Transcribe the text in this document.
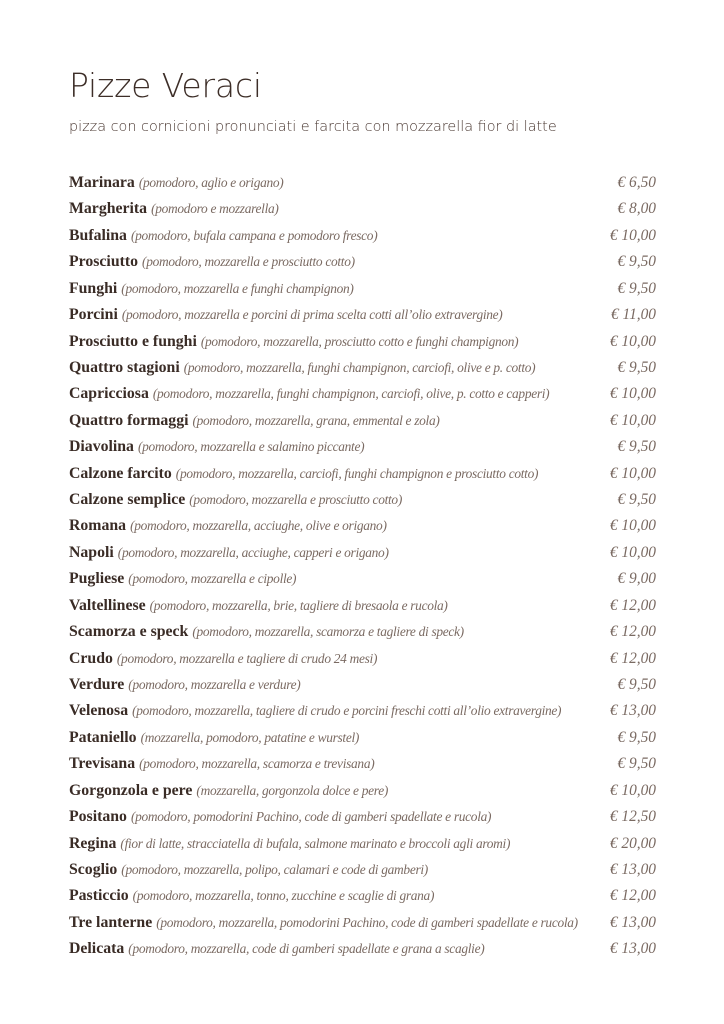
Pizze Veraci

pizza con cornicioni pronunciati e farcita con mozzarella fior di latte

Marinara (pomodoro, aglio e origano)	€ 6,50
Margherita (pomodoro e mozzarella)	€ 8,00
Bufalina (pomodoro, bufala campana e pomodoro fresco)	€ 10,00
Prosciutto (pomodoro, mozzarella e prosciutto cotto)	€ 9,50
Funghi (pomodoro, mozzarella e funghi champignon)	€ 9,50
Porcini (pomodoro, mozzarella e porcini di prima scelta cotti all’olio extravergine)	€ 11,00
Prosciutto e funghi (pomodoro, mozzarella, prosciutto cotto e funghi champignon)	€ 10,00
Quattro stagioni (pomodoro, mozzarella, funghi champignon, carciofi, olive e p. cotto)	€ 9,50
Capricciosa (pomodoro, mozzarella, funghi champignon, carciofi, olive, p. cotto e capperi)	€ 10,00
Quattro formaggi (pomodoro, mozzarella, grana, emmental e zola)	€ 10,00
Diavolina (pomodoro, mozzarella e salamino piccante)	€ 9,50
Calzone farcito (pomodoro, mozzarella, carciofi, funghi champignon e prosciutto cotto)	€ 10,00
Calzone semplice (pomodoro, mozzarella e prosciutto cotto)	€ 9,50
Romana (pomodoro, mozzarella, acciughe, olive e origano)	€ 10,00
Napoli (pomodoro, mozzarella, acciughe, capperi e origano)	€ 10,00
Pugliese (pomodoro, mozzarella e cipolle)	€ 9,00
Valtellinese (pomodoro, mozzarella, brie, tagliere di bresaola e rucola)	€ 12,00
Scamorza e speck (pomodoro, mozzarella, scamorza e tagliere di speck)	€ 12,00
Crudo (pomodoro, mozzarella e tagliere di crudo 24 mesi)	€ 12,00
Verdure (pomodoro, mozzarella e verdure)	€ 9,50
Velenosa (pomodoro, mozzarella, tagliere di crudo e porcini freschi cotti all’olio extravergine)	€ 13,00
Pataniello (mozzarella, pomodoro, patatine e wurstel)	€ 9,50
Trevisana (pomodoro, mozzarella, scamorza e trevisana)	€ 9,50
Gorgonzola e pere (mozzarella, gorgonzola dolce e pere)	€ 10,00
Positano (pomodoro, pomodorini Pachino, code di gamberi spadellate e rucola)	€ 12,50
Regina (fior di latte, stracciatella di bufala, salmone marinato e broccoli agli aromi)	€ 20,00
Scoglio (pomodoro, mozzarella, polipo, calamari e code di gamberi)	€ 13,00
Pasticcio (pomodoro, mozzarella, tonno, zucchine e scaglie di grana)	€ 12,00
Tre lanterne (pomodoro, mozzarella, pomodorini Pachino, code di gamberi spadellate e rucola)	€ 13,00
Delicata (pomodoro, mozzarella, code di gamberi spadellate e grana a scaglie)	€ 13,00
